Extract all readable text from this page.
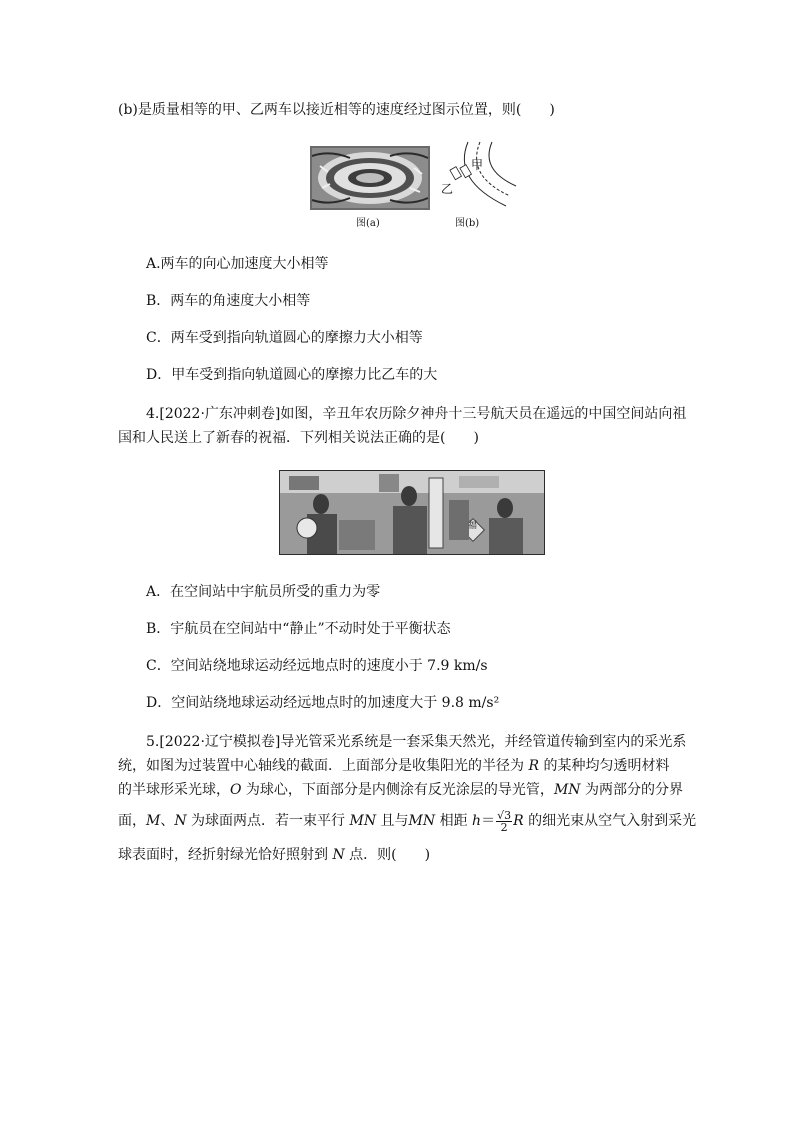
(b)是质量相等的甲、乙两车以接近相等的速度经过图示位置，则(　　)
图(a)
甲
乙
图(b)
A.两车的向心加速度大小相等
B．两车的角速度大小相等
C．两车受到指向轨道圆心的摩擦力大小相等
D．甲车受到指向轨道圆心的摩擦力比乙车的大
4.[2022·广东冲刺卷]如图，辛丑年农历除夕神舟十三号航天员在遥远的中国空间站向祖
国和人民送上了新春的祝福．下列相关说法正确的是(　　)
福
A．在空间站中宇航员所受的重力为零
B．宇航员在空间站中“静止”不动时处于平衡状态
C．空间站绕地球运动经远地点时的速度小于 7.9 km/s
D．空间站绕地球运动经远地点时的加速度大于 9.8 m/s²
5.[2022·辽宁模拟卷]导光管采光系统是一套采集天然光，并经管道传输到室内的采光系
统，如图为过装置中心轴线的截面．上面部分是收集阳光的半径为 R 的某种均匀透明材料
的半球形采光球，O 为球心，下面部分是内侧涂有反光涂层的导光管，MN 为两部分的分界
面，M、N 为球面两点．若一束平行 MN 且与MN 相距 $h= \frac{√3}{2}$ R 的细光束从空气入射到采光
球表面时，经折射绿光恰好照射到 N 点．则(　　)
